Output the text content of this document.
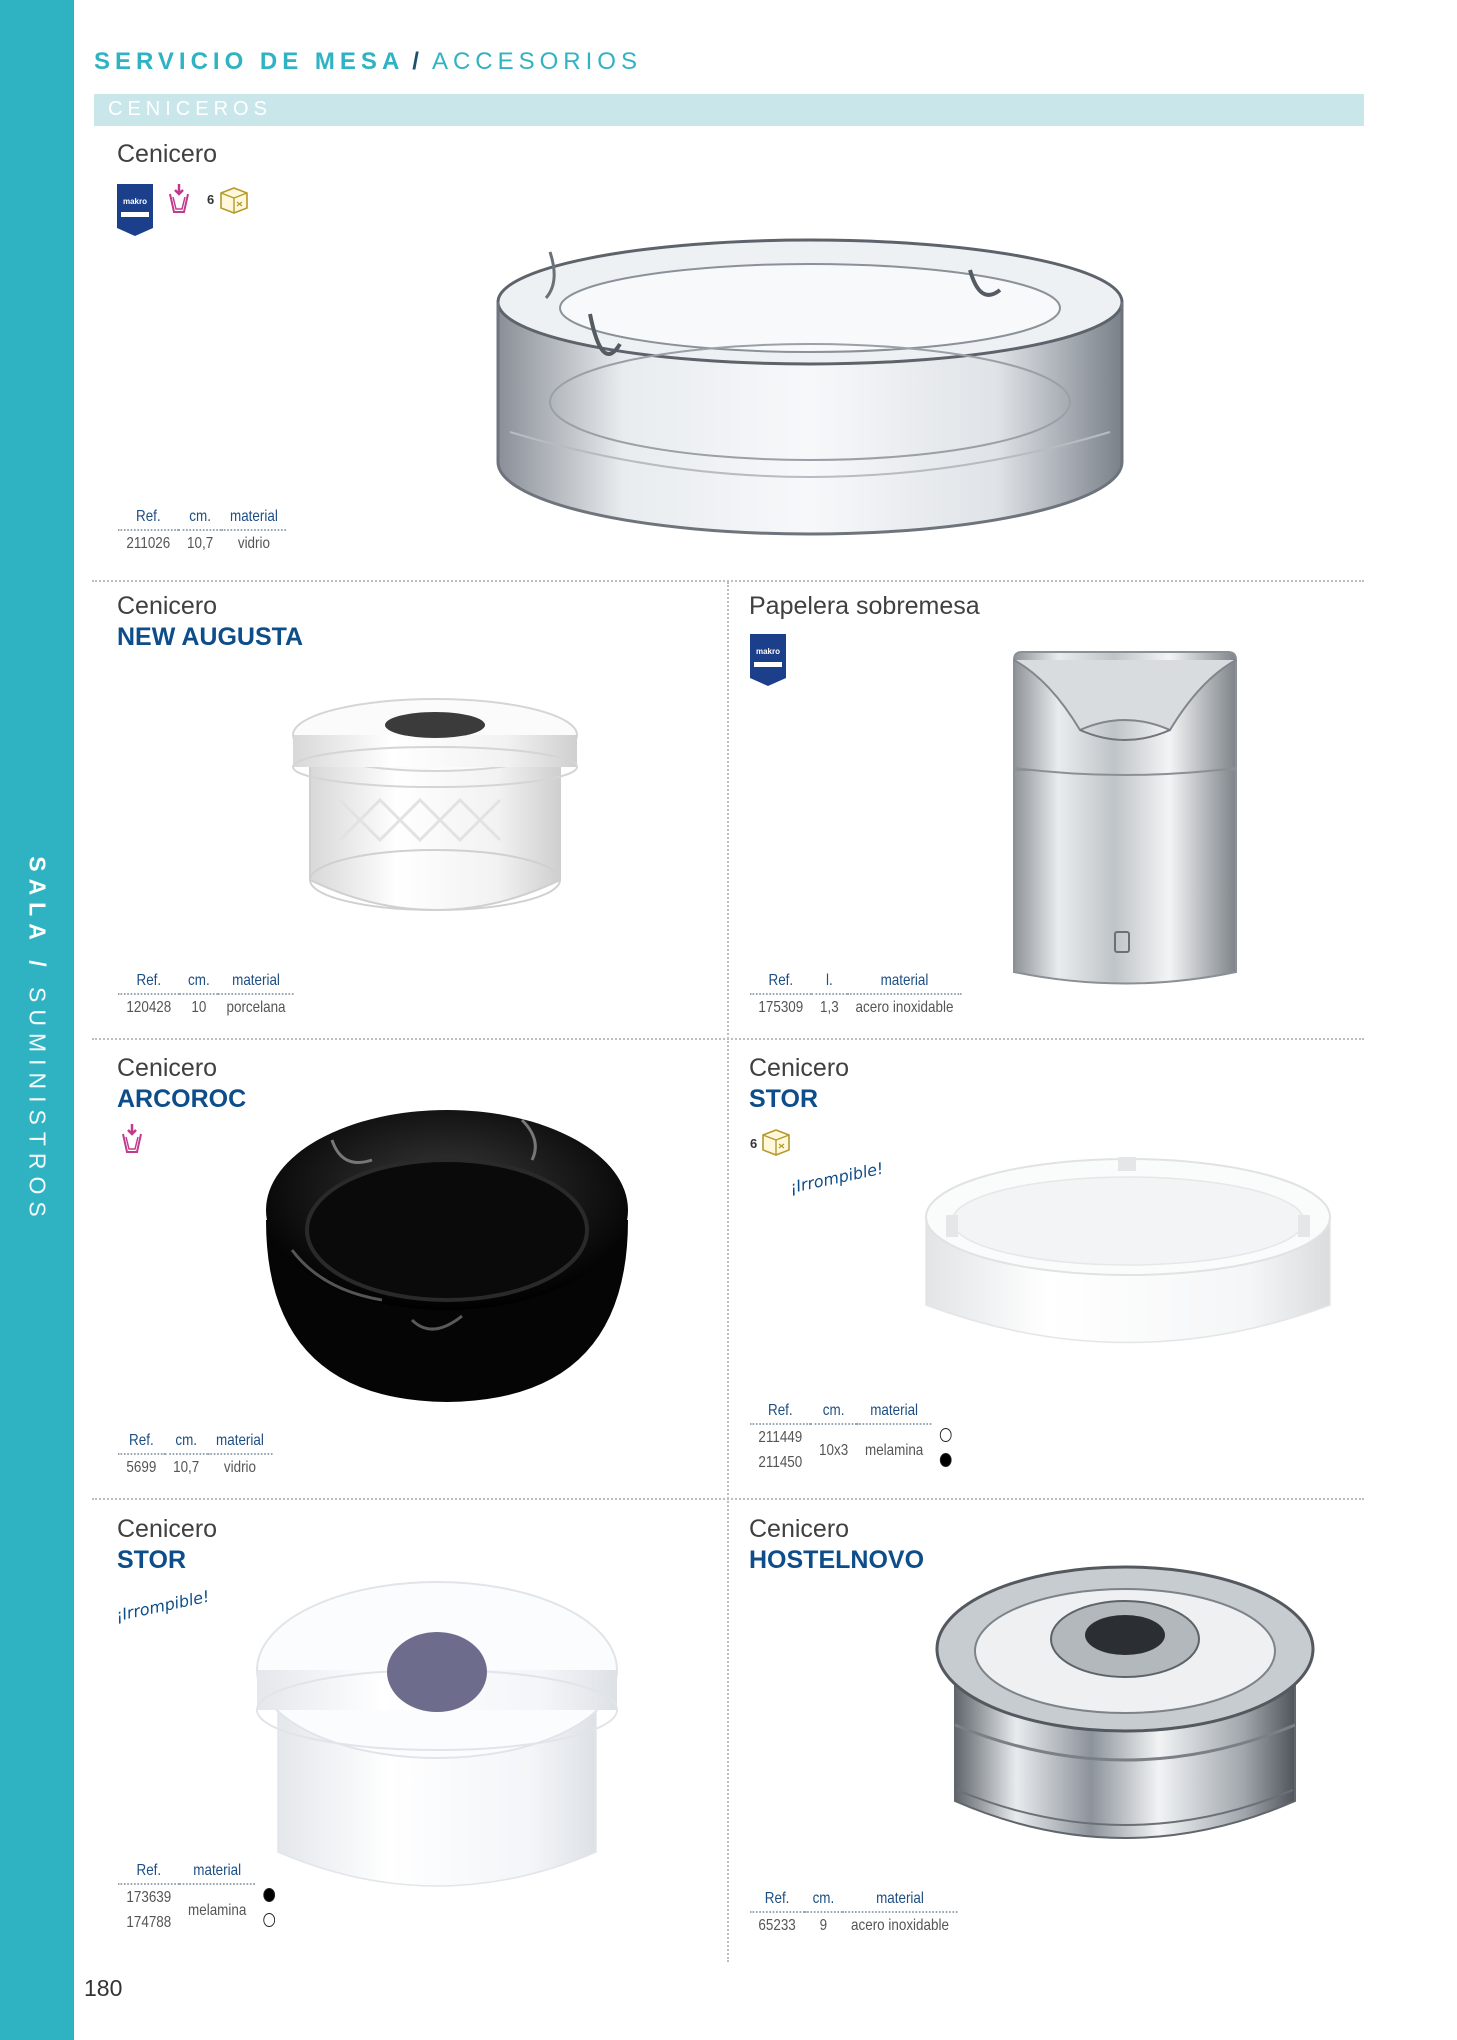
SALA / SUMINISTROS
SERVICIO DE MESA / ACCESORIOS
CENICEROS
Cenicero
makro	6
Ref.	cm.	material
211026	10,7	vidrio
Cenicero
NEW AUGUSTA
Ref.	cm.	material
120428	10	porcelana
Papelera sobremesa
makro
Ref.	l.	material
175309	1,3	acero inoxidable
Cenicero
ARCOROC
Ref.	cm.	material
5699	10,7	vidrio
Cenicero
STOR
6
¡Irrompible!
Ref.	cm.	material	
211449	10x3	melamina	
211450			
Cenicero
STOR
¡Irrompible!
Ref.	material	
173639	melamina	
174788		
Cenicero
HOSTELNOVO
Ref.	cm.	material
65233	9	acero inoxidable
180
